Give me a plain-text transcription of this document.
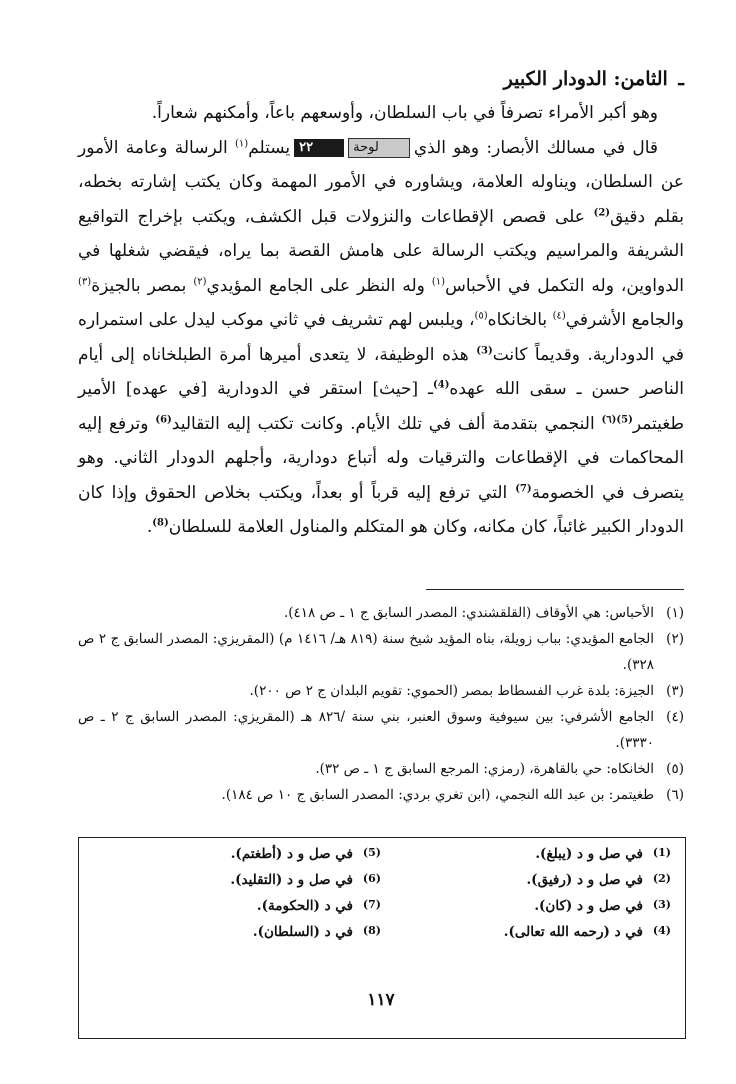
ـ الثامن: الدودار الكبير

وهو أكبر الأمراء تصرفاً في باب السلطان، وأوسعهم باعاً، وأمكنهم شعاراً.

قال في مسالك الأبصار: وهو الذيلوحة٢٢يستلم$^{(١)}$ الرسالة وعامة الأمور عن السلطان، ويناوله العلامة، ويشاوره في الأمور المهمة وكان يكتب إشارته بخطه، بقلم دقيق$^{(2)}$ على قصص الإقطاعات والنزولات قبل الكشف، ويكتب بإخراج التواقيع الشريفة والمراسيم ويكتب الرسالة على هامش القصة بما يراه، فيقضي شغلها في الدواوين، وله التكمل في الأحباس$^{(١)}$ وله النظر على الجامع المؤيدي$^{(٢)}$ بمصر بالجيزة$^{(٣)}$ والجامع الأشرفي$^{(٤)}$ بالخانكاه$^{(٥)}$، ويلبس لهم تشريف في ثاني موكب ليدل على استمراره في الدودارية. وقديماً كانت$^{(3)}$ هذه الوظيفة، لا يتعدى أميرها أمرة الطبلخاناه إلى أيام الناصر حسن ـ سقى الله عهده$^{(4)}$ـ [حيث] استقر في الدودارية [في عهده] الأمير طغيتمر$^{(5)(٦)}$ النجمي بتقدمة ألف في تلك الأيام. وكانت تكتب إليه التقاليد$^{(6)}$ وترفع إليه المحاكمات في الإقطاعات والترقيات وله أتباع دودارية، وأجلهم الدودار الثاني. وهو يتصرف في الخصومة$^{(7)}$ التي ترفع إليه قرباً أو بعداً، ويكتب بخلاص الحقوق وإذا كان الدودار الكبير غائباً، كان مكانه، وكان هو المتكلم والمناول العلامة للسلطان$^{(8)}$.

(١)
الأحباس: هي الأوقاف (القلقشندي: المصدر السابق ج ١ ـ ص ٤١٨).
(٢)
الجامع المؤيدي: بباب زويلة، بناه المؤيد شيخ سنة (٨١٩ هـ/ ١٤١٦ م) (المقريزي: المصدر السابق ج ٢ ص ٣٢٨).
(٣)
الجيزة: بلدة غرب الفسطاط بمصر (الحموي: تقويم البلدان ج ٢ ص ٢٠٠).
(٤)
الجامع الأشرفي: بين سيوفية وسوق العنبر، بني سنة /٨٢٦ هـ (المقريزي: المصدر السابق ج ٢ ـ ص ٣٣٣٠).
(٥)
الخانكاه: حي بالقاهرة، (رمزي: المرجع السابق ج ١ ـ ص ٣٢).
(٦)
طغيتمر: بن عبد الله النجمي، (ابن تغري بردي: المصدر السابق ج ١٠ ص ١٨٤).
(1)
في صل و د (يبلغ).
(5)
في صل و د (أطغتم).
(2)
في صل و د (رفيق).
(6)
في صل و د (التقليد).
(3)
في صل و د (كان).
(7)
في د (الحكومة).
(4)
في د (رحمه الله تعالى).
(8)
في د (السلطان).
١١٧
